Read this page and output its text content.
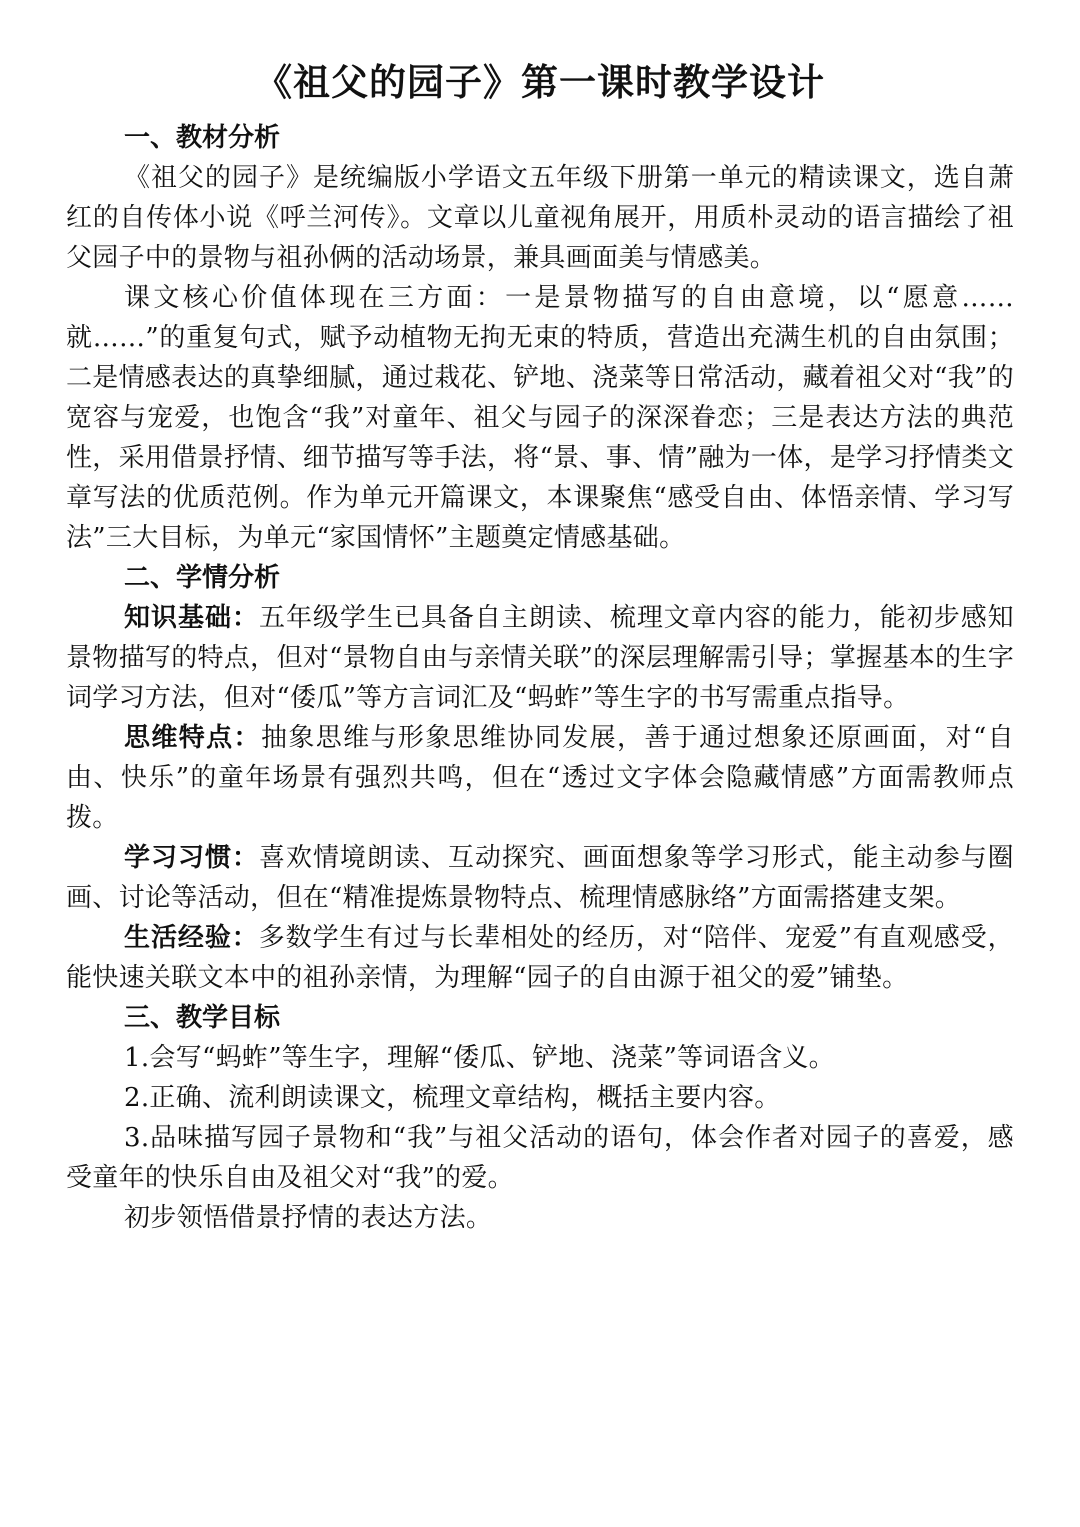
《祖父的园子》第一课时教学设计
一、教材分析

《祖父的园子》是统编版小学语文五年级下册第一单元的精读课文，选自萧红的自传体小说《呼兰河传》。文章以儿童视角展开，用质朴灵动的语言描绘了祖父园子中的景物与祖孙俩的活动场景，兼具画面美与情感美。

课文核心价值体现在三方面：一是景物描写的自由意境，以“愿意……就……”的重复句式，赋予动植物无拘无束的特质，营造出充满生机的自由氛围；二是情感表达的真挚细腻，通过栽花、铲地、浇菜等日常活动，藏着祖父对“我”的宽容与宠爱，也饱含“我”对童年、祖父与园子的深深眷恋；三是表达方法的典范性，采用借景抒情、细节描写等手法，将“景、事、情”融为一体，是学习抒情类文章写法的优质范例。作为单元开篇课文，本课聚焦“感受自由、体悟亲情、学习写法”三大目标，为单元“家国情怀”主题奠定情感基础。

二、学情分析

知识基础：五年级学生已具备自主朗读、梳理文章内容的能力，能初步感知景物描写的特点，但对“景物自由与亲情关联”的深层理解需引导；掌握基本的生字词学习方法，但对“倭瓜”等方言词汇及“蚂蚱”等生字的书写需重点指导。

思维特点：抽象思维与形象思维协同发展，善于通过想象还原画面，对“自由、快乐”的童年场景有强烈共鸣，但在“透过文字体会隐藏情感”方面需教师点拨。

学习习惯：喜欢情境朗读、互动探究、画面想象等学习形式，能主动参与圈画、讨论等活动，但在“精准提炼景物特点、梳理情感脉络”方面需搭建支架。

生活经验：多数学生有过与长辈相处的经历，对“陪伴、宠爱”有直观感受，能快速关联文本中的祖孙亲情，为理解“园子的自由源于祖父的爱”铺垫。

三、教学目标

1.会写“蚂蚱”等生字，理解“倭瓜、铲地、浇菜”等词语含义。

2.正确、流利朗读课文，梳理文章结构，概括主要内容。

3.品味描写园子景物和“我”与祖父活动的语句，体会作者对园子的喜爱，感受童年的快乐自由及祖父对“我”的爱。

初步领悟借景抒情的表达方法。
